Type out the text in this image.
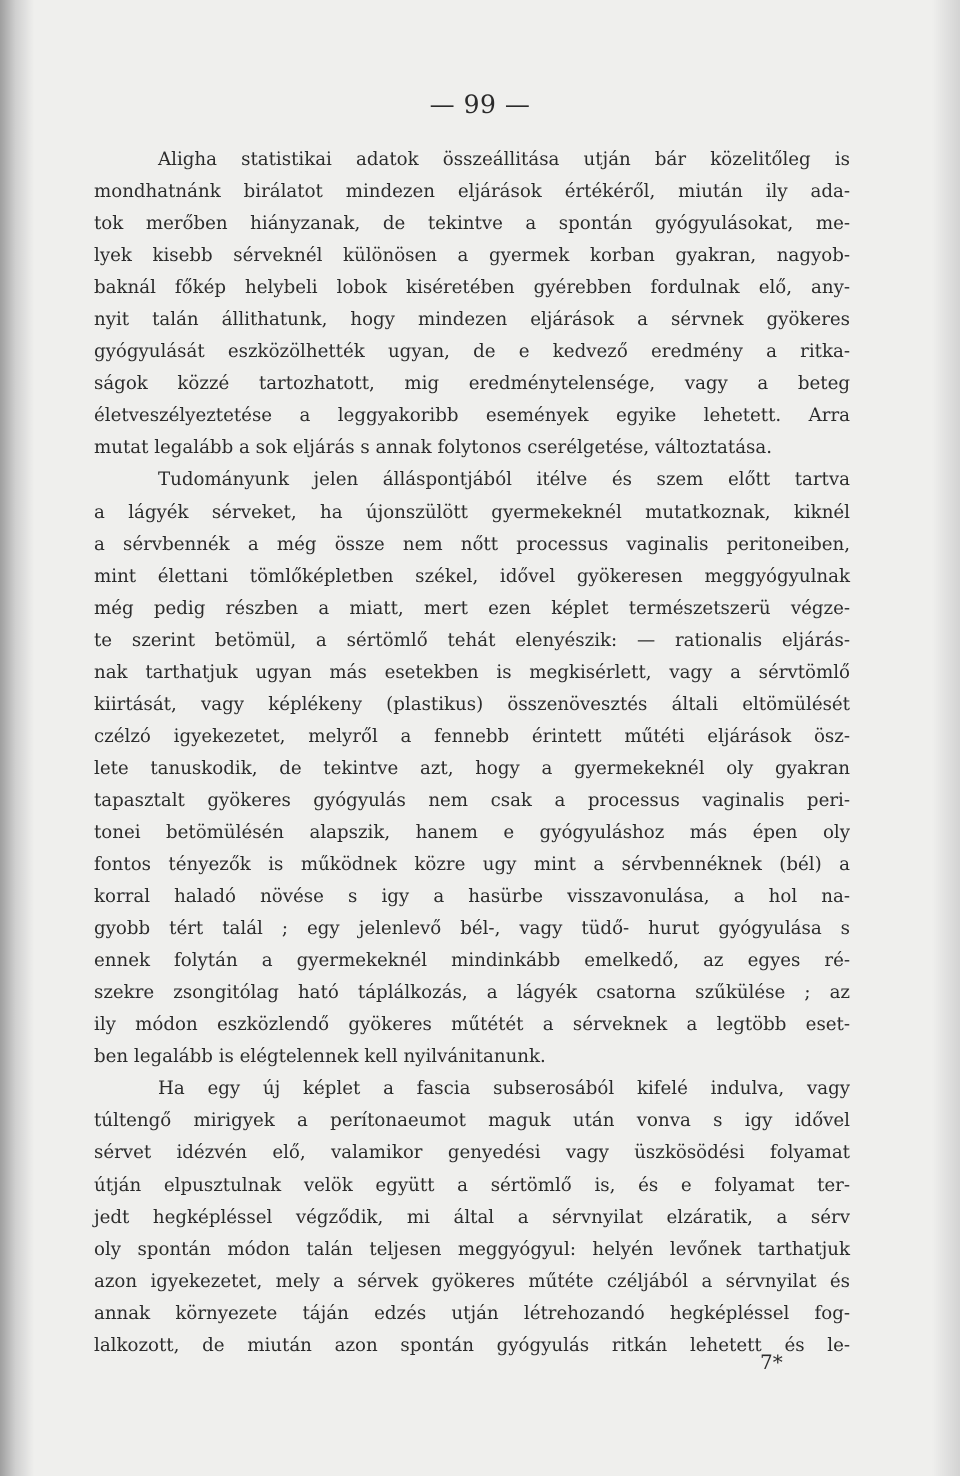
— 99 —
Aligha statistikai adatok összeállitása utján bár közelitőleg is
mondhatnánk birálatot mindezen eljárások értékéről, miután ily ada-
tok merőben hiányzanak, de tekintve a spontán gyógyulásokat, me-
lyek kisebb sérveknél különösen a gyermek korban gyakran, nagyob-
baknál főkép helybeli lobok kiséretében gyérebben fordulnak elő, any-
nyit talán állithatunk, hogy mindezen eljárások a sérvnek gyökeres
gyógyulását eszközölhették ugyan, de e kedvező eredmény a ritka-
ságok közzé tartozhatott, mig eredménytelensége, vagy a beteg
életveszélyeztetése a leggyakoribb események egyike lehetett. Arra
mutat legalább a sok eljárás s annak folytonos cserélgetése, változtatása.
Tudományunk jelen álláspontjából itélve és szem előtt tartva
a lágyék sérveket, ha újonszülött gyermekeknél mutatkoznak, kiknél
a sérvbennék a még össze nem nőtt processus vaginalis peritoneiben,
mint élettani tömlőképletben székel, idővel gyökeresen meggyógyulnak
még pedig részben a miatt, mert ezen képlet természetszerü végze-
te szerint betömül, a sértömlő tehát elenyészik: — rationalis eljárás-
nak tarthatjuk ugyan más esetekben is megkisérlett, vagy a sérvtömlő
kiirtását, vagy képlékeny (plastikus) összenövesztés általi eltömülését
czélzó igyekezetet, melyről a fennebb érintett műtéti eljárások ösz-
lete tanuskodik, de tekintve azt, hogy a gyermekeknél oly gyakran
tapasztalt gyökeres gyógyulás nem csak a processus vaginalis peri-
tonei betömülésén alapszik, hanem e gyógyuláshoz más épen oly
fontos tényezők is működnek közre ugy mint a sérvbennéknek (bél) a
korral haladó növése s igy a hasürbe visszavonulása, a hol na-
gyobb tért talál ; egy jelenlevő bél-, vagy tüdő- hurut gyógyulása s
ennek folytán a gyermekeknél mindinkább emelkedő, az egyes ré-
szekre zsongitólag ható táplálkozás, a lágyék csatorna szűkülése ; az
ily módon eszközlendő gyökeres műtétét a sérveknek a legtöbb eset-
ben legalább is elégtelennek kell nyilvánitanunk.
Ha egy új képlet a fascia subserosából kifelé indulva, vagy
túltengő mirigyek a perítonaeumot maguk után vonva s igy idővel
sérvet idézvén elő, valamikor genyedési vagy üszkösödési folyamat
útján elpusztulnak velök együtt a sértömlő is, és e folyamat ter-
jedt hegképléssel végződik, mi által a sérvnyilat elzáratik, a sérv
oly spontán módon talán teljesen meggyógyul: helyén levőnek tarthatjuk
azon igyekezetet, mely a sérvek gyökeres műtéte czéljából a sérvnyilat és
annak környezete táján edzés utján létrehozandó hegképléssel fog-
lalkozott, de miután azon spontán gyógyulás ritkán lehetett és le-
7*
